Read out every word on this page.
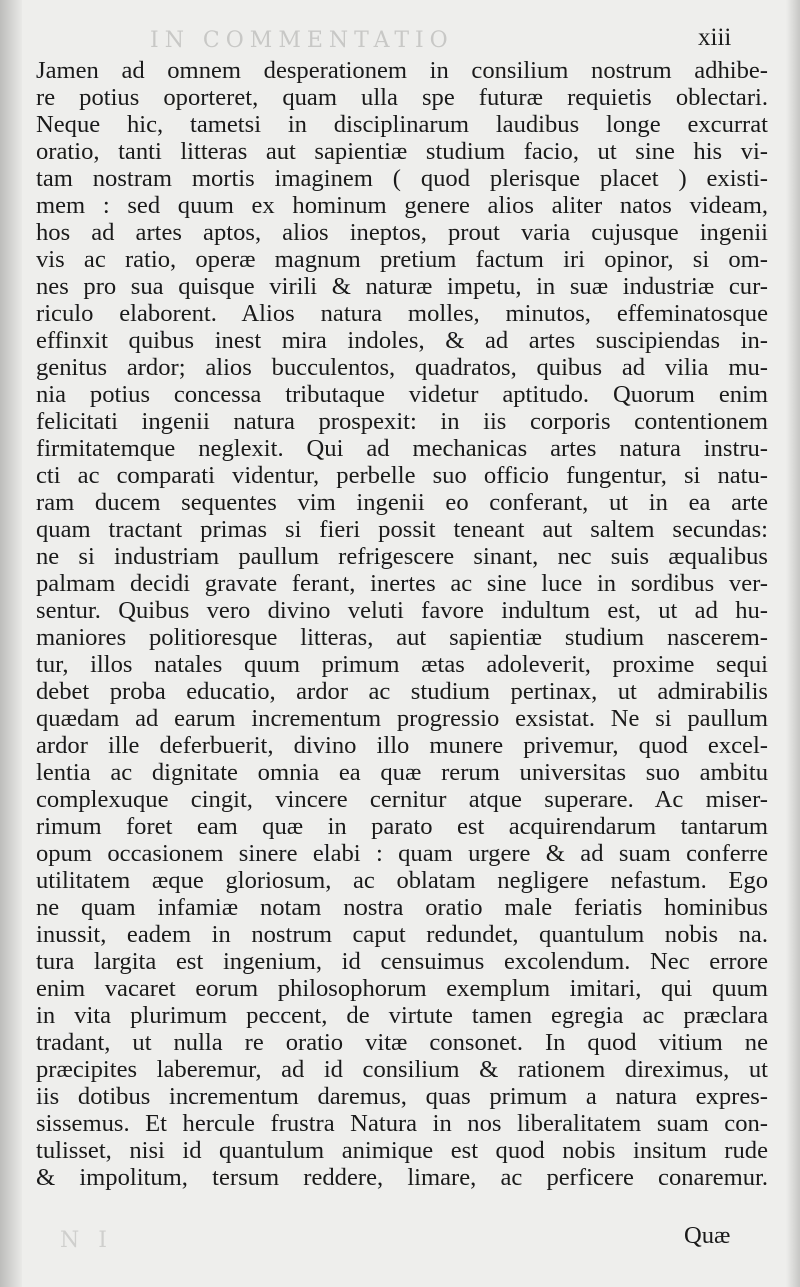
IN COMMENTATIO	xiii
Jamen ad omnem desperationem in consilium nostrum adhibe-
re potius oporteret, quam ulla spe futuræ requietis oblectari.
Neque hic, tametsi in disciplinarum laudibus longe excurrat
oratio, tanti litteras aut sapientiæ studium facio, ut sine his vi-
tam nostram mortis imaginem ( quod plerisque placet ) existi-
mem : sed quum ex hominum genere alios aliter natos videam,
hos ad artes aptos, alios ineptos, prout varia cujusque ingenii
vis ac ratio, operæ magnum pretium factum iri opinor, si om-
nes pro sua quisque virili & naturæ impetu, in suæ industriæ cur-
riculo elaborent. Alios natura molles, minutos, effeminatosque
effinxit quibus inest mira indoles, & ad artes suscipiendas in-
genitus ardor; alios bucculentos, quadratos, quibus ad vilia mu-
nia potius concessa tributaque videtur aptitudo. Quorum enim
felicitati ingenii natura prospexit: in iis corporis contentionem
firmitatemque neglexit. Qui ad mechanicas artes natura instru-
cti ac comparati videntur, perbelle suo officio fungentur, si natu-
ram ducem sequentes vim ingenii eo conferant, ut in ea arte
quam tractant primas si fieri possit teneant aut saltem secundas:
ne si industriam paullum refrigescere sinant, nec suis æqualibus
palmam decidi gravate ferant, inertes ac sine luce in sordibus ver-
sentur. Quibus vero divino veluti favore indultum est, ut ad hu-
maniores politioresque litteras, aut sapientiæ studium nascerem-
tur, illos natales quum primum ætas adoleverit, proxime sequi
debet proba educatio, ardor ac studium pertinax, ut admirabilis
quædam ad earum incrementum progressio exsistat. Ne si paullum
ardor ille deferbuerit, divino illo munere privemur, quod excel-
lentia ac dignitate omnia ea quæ rerum universitas suo ambitu
complexuque cingit, vincere cernitur atque superare. Ac miser-
rimum foret eam quæ in parato est acquirendarum tantarum
opum occasionem sinere elabi : quam urgere & ad suam conferre
utilitatem æque gloriosum, ac oblatam negligere nefastum. Ego
ne quam infamiæ notam nostra oratio male feriatis hominibus
inussit, eadem in nostrum caput redundet, quantulum nobis na.
tura largita est ingenium, id censuimus excolendum. Nec errore
enim vacaret eorum philosophorum exemplum imitari, qui quum
in vita plurimum peccent, de virtute tamen egregia ac præclara
tradant, ut nulla re oratio vitæ consonet. In quod vitium ne
præcipites laberemur, ad id consilium & rationem direximus, ut
iis dotibus incrementum daremus, quas primum a natura expres-
sissemus. Et hercule frustra Natura in nos liberalitatem suam con-
tulisset, nisi id quantulum animique est quod nobis insitum rude
& impolitum, tersum reddere, limare, ac perficere conaremur.
N I	Quæ
